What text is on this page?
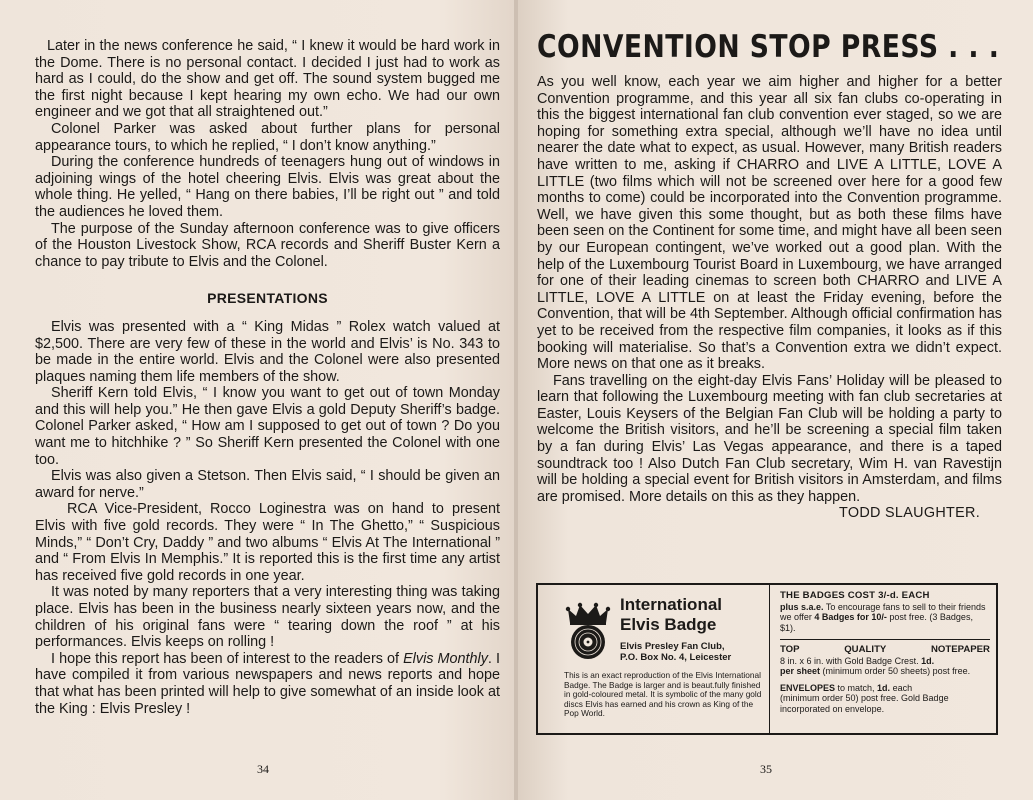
Later in the news conference he said, “ I knew it would be hard work in the Dome. There is no personal contact. I decided I just had to work as hard as I could, do the show and get off. The sound system bugged me the first night because I kept hearing my own echo. We had our own engineer and we got that all straightened out.”

Colonel Parker was asked about further plans for personal appearance tours, to which he replied, “ I don’t know anything.”

During the conference hundreds of teenagers hung out of windows in adjoining wings of the hotel cheering Elvis. Elvis was great about the whole thing. He yelled, “ Hang on there babies, I’ll be right out ” and told the audiences he loved them.

The purpose of the Sunday afternoon conference was to give officers of the Houston Livestock Show, RCA records and Sheriff Buster Kern a chance to pay tribute to Elvis and the Colonel.

PRESENTATIONS

Elvis was presented with a “ King Midas ” Rolex watch valued at $2,500. There are very few of these in the world and Elvis’ is No. 343 to be made in the entire world. Elvis and the Colonel were also presented plaques naming them life members of the show.

Sheriff Kern told Elvis, “ I know you want to get out of town Monday and this will help you.” He then gave Elvis a gold Deputy Sheriff’s badge. Colonel Parker asked, “ How am I supposed to get out of town ? Do you want me to hitchhike ? ” So Sheriff Kern presented the Colonel with one too.

Elvis was also given a Stetson. Then Elvis said, “ I should be given an award for nerve.”

RCA Vice-President, Rocco Loginestra was on hand to present Elvis with five gold records. They were “ In The Ghetto,” “ Suspicious Minds,” “ Don’t Cry, Daddy ” and two albums “ Elvis At The International ” and “ From Elvis In Memphis.” It is reported this is the first time any artist has received five gold records in one year.

It was noted by many reporters that a very interesting thing was taking place. Elvis has been in the business nearly sixteen years now, and the children of his original fans were “ tearing down the roof ” at his performances. Elvis keeps on rolling !

I hope this report has been of interest to the readers of Elvis Monthly. I have compiled it from various newspapers and news reports and hope that what has been printed will help to give somewhat of an inside look at the King : Elvis Presley !

34
CONVENTION STOP PRESS . . .

As you well know, each year we aim higher and higher for a better Convention programme, and this year all six fan clubs co-operating in this the biggest international fan club convention ever staged, so we are hoping for something extra special, although we’ll have no idea until nearer the date what to expect, as usual. However, many British readers have written to me, asking if CHARRO and LIVE A LITTLE, LOVE A LITTLE (two films which will not be screened over here for a good few months to come) could be incorporated into the Convention programme. Well, we have given this some thought, but as both these films have been seen on the Continent for some time, and might have all been seen by our European contingent, we’ve worked out a good plan. With the help of the Luxembourg Tourist Board in Luxembourg, we have arranged for one of their leading cinemas to screen both CHARRO and LIVE A LITTLE, LOVE A LITTLE on at least the Friday evening, before the Convention, that will be 4th September. Although official confirmation has yet to be received from the respective film companies, it looks as if this booking will materialise. So that’s a Convention extra we didn’t expect. More news on that one as it breaks.

Fans travelling on the eight-day Elvis Fans’ Holiday will be pleased to learn that following the Luxembourg meeting with fan club secretaries at Easter, Louis Keysers of the Belgian Fan Club will be holding a party to welcome the British visitors, and he’ll be screening a special film taken by a fan during Elvis’ Las Vegas appearance, and there is a taped soundtrack too ! Also Dutch Fan Club secretary, Wim H. van Ravestijn will be holding a special event for British visitors in Amsterdam, and films are promised. More details on this as they happen.

TODD SLAUGHTER.
International
Elvis Badge
Elvis Presley Fan Club,
P.O. Box No. 4, Leicester
This is an exact reproduction of the Elvis International Badge. The Badge is larger and is beaut.fully finished in gold-coloured metal. It is symbolic of the many gold discs Elvis has earned and his crown as King of the Pop World.
THE BADGES COST 3/-d. EACH
plus s.a.e. To encourage fans to sell to their friends we offer 4 Badges for 10/- post free. (3 Badges, $1).
TOP	QUALITY	NOTEPAPER
8 in. x 6 in. with Gold Badge Crest. 1d.
per sheet (minimum order 50 sheets) post free.
ENVELOPES to match, 1d. each
(minimum order 50) post free. Gold Badge incorporated on envelope.
35
